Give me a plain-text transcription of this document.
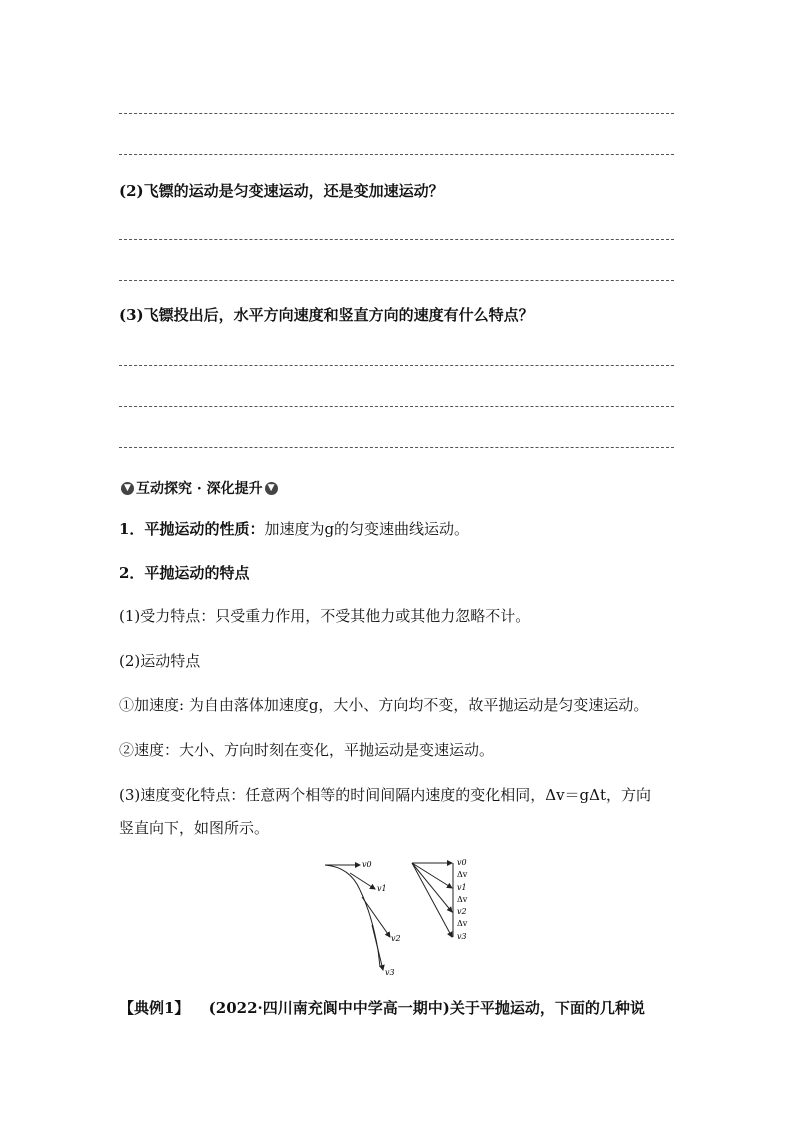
(2)飞镖的运动是匀变速运动，还是变加速运动？
(3)飞镖投出后，水平方向速度和竖直方向的速度有什么特点？
▼ 互动探究 · 深化提升 ▼
1．平抛运动的性质：加速度为g的匀变速曲线运动。
2．平抛运动的特点
(1)受力特点：只受重力作用，不受其他力或其他力忽略不计。
(2)运动特点
①加速度: 为自由落体加速度g，大小、方向均不变，故平抛运动是匀变速运动。
②速度：大小、方向时刻在变化，平抛运动是变速运动。
(3)速度变化特点：任意两个相等的时间间隔内速度的变化相同，Δv＝gΔt，方向
竖直向下，如图所示。
v0
v1
v2
v3
v0
Δv
v1
Δv
v2
Δv
v3
【典例1】 (2022·四川南充阆中中学高一期中)关于平抛运动，下面的几种说
